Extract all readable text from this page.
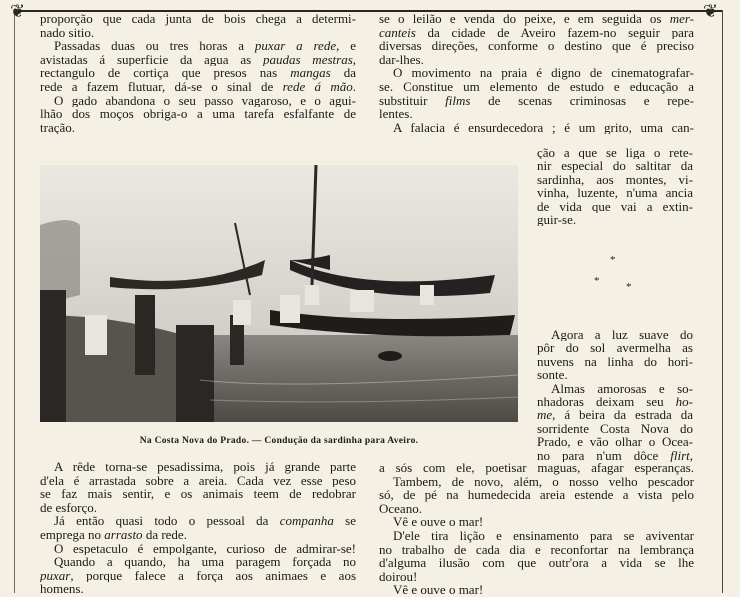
❦	❦
proporção que cada junta de bois chega a determi-
nado sitio.
Passadas duas ou tres horas a puxar a rede, e
avistadas á superficie da agua as paudas mestras,
rectangulo de cortiça que presos nas mangas da
rede a fazem flutuar, dá-se o sinal de rede á mão.
O gado abandona o seu passo vagaroso, e o agui-
lhão dos moços obriga-o a uma tarefa esfalfante de
tração.
se o leilão e venda do peixe, e em seguida os mer-
canteis da cidade de Aveiro fazem-no seguir para
diversas direções, conforme o destino que é preciso
dar-lhes.
O movimento na praia é digno de cinematografar-
se. Constitue um elemento de estudo e educação a
substituir films de scenas criminosas e repe-
lentes.
A falacia é ensurdecedora ; é um grito, uma can-
ção a que se liga o rete-
nir especial do saltitar da
sardinha, aos montes, vi-
vinha, luzente, n'uma ancia
de vida que vai a extin-
guir-se.
*
* *
Agora a luz suave do
pôr do sol avermelha as
nuvens na linha do hori-
sonte.
Almas amorosas e so-
nhadoras deixam seu ho-
me, á beira da estrada da
sorridente Costa Nova do
Prado, e vão olhar o Ocea-
no para n'um dôce flirt,
Na Costa Nova do Prado. — Condução da sardinha para Aveiro.
A rêde torna-se pesadissima, pois já grande parte
d'ela é arrastada sobre a areia. Cada vez esse peso
se faz mais sentir, e os animais teem de redobrar
de esforço.
Já então quasi todo o pessoal da companha se
emprega no arrasto da rede.
O espetaculo é empolgante, curioso de admirar-se!
Quando a quando, ha uma paragem forçada no
puxar, porque falece a força aos animaes e aos
homens.
a sós com ele, poetisar maguas, afagar esperanças.
Tambem, de novo, além, o nosso velho pescador
só, de pé na humedecida areia estende a vista pelo
Oceano.
Vê e ouve o mar!
D'ele tira lição e ensinamento para se aviventar
no trabalho de cada dia e reconfortar na lembrança
d'alguma ilusão com que outr'ora a vida se lhe
doirou!
Vê e ouve o mar!
